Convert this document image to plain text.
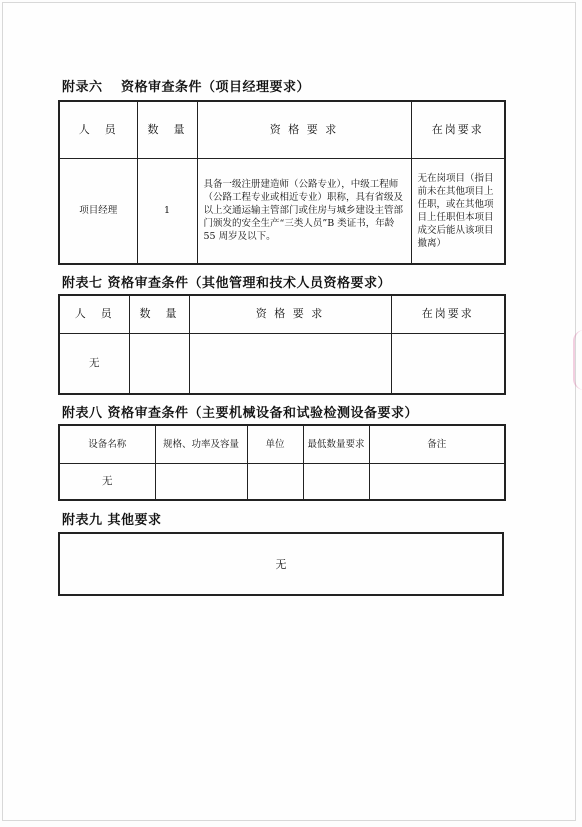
附录六　 资格审查条件（项目经理要求）
人　员	数　量	资 格 要 求	在岗要求
项目经理	1	具备一级注册建造师（公路专业），中级工程师（公路工程专业或相近专业）职称，具有省级及以上交通运输主管部门或住房与城乡建设主管部门颁发的安全生产“三类人员”B 类证书，年龄 55 周岁及以下。	无在岗项目（指目前未在其他项目上任职，或在其他项目上任职但本项目成交后能从该项目撤离）
附表七 资格审查条件（其他管理和技术人员资格要求）
人　员	数　量	资 格 要 求	在岗要求
无			
附表八 资格审查条件（主要机械设备和试验检测设备要求）
设备名称	规格、功率及容量	单位	最低数量要求	备注
无				
附表九 其他要求
无
